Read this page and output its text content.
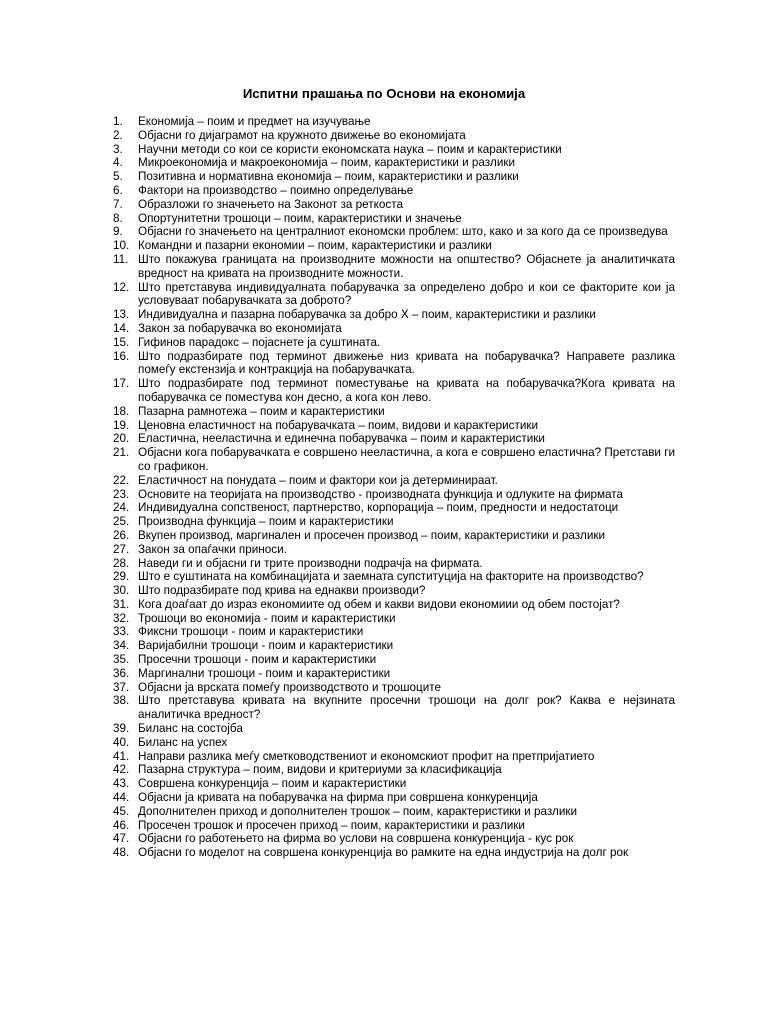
Испитни прашања по Основи на економија
1.	Економија – поим и предмет на изучување
2.	Објасни го дијаграмот на кружното движење во економијата
3.	Научни методи со кои се користи економската наука – поим и карактеристики
4.	Микроекономија и макроекономија – поим, карактеристики и разлики
5.	Позитивна и нормативна економија – поим, карактеристики и разлики
6.	Фактори на производство – поимно определување
7.	Образложи го значењето на Законот за реткоста
8.	Опортунитетни трошоци – поим, карактеристики и значење
9.	Објасни го значењето на централниот економски проблем: што, како и за кого да се произведува
10. Командни и пазарни економии – поим, карактеристики и разлики
11. Што покажува границата на производните можности на општество? Објаснете ја аналитичката вредност на кривата на производните можности.
12. Што претставува индивидуалната побарувачка за определено добро и кои се факторите кои ја условуваат побарувачката за доброто?
13. Индивидуална и пазарна побарувачка за добро X – поим, карактеристики и разлики
14. Закон за побарувачка во економијата
15. Гифинов парадокс – појаснете ја суштината.
16. Што подразбирате под терминот движење низ кривата на побарувачка? Направете разлика помеѓу екстензија и контракција на побарувачката.
17. Што подразбирате под терминот поместување на кривата на побарувачка?Кога кривата на побарувачка се поместува кон десно, а кога кон лево.
18. Пазарна рамнотежа – поим и карактеристики
19. Ценовна еластичност на побарувачката – поим, видови и карактеристики
20. Еластична, нееластична и единечна побарувачка – поим и карактеристики
21. Објасни кога побарувачката е совршено нееластична, а кога е совршено еластична? Претстави ги со графикон.
22. Еластичност на понудата – поим и фактори кои ја детерминираат.
23. Основите на теоријата на производство - производната функција и одлуките на фирмата
24. Индивидуална сопственост, партнерство, корпорација – поим, предности и недостатоци
25. Производна функција – поим и карактеристики
26. Вкупен производ, маргинален и просечен производ – поим, карактеристики и разлики
27. Закон за опаѓачки приноси.
28. Наведи ги и објасни ги трите производни подрачја на фирмата.
29. Што е суштината на комбинацијата и заемната супституција на факторите на производство?
30. Што подразбирате под крива на еднакви производи?
31. Кога доаѓаат до израз економиите од обем и какви видови економиии од обем постојат?
32. Трошоци во економија - поим и карактеристики
33. Фиксни трошоци - поим и карактеристики
34. Варијабилни трошоци - поим и карактеристики
35. Просечни трошоци - поим и карактеристики
36. Маргинални трошоци - поим и карактеристики
37. Објасни ја врската помеѓу производството и трошоците
38. Што претставува кривата на вкупните просечни трошоци на долг рок? Каква е нејзината аналитичка вредност?
39. Биланс на состојба
40. Биланс на успех
41. Направи разлика меѓу сметководствениот и економскиот профит на претпријатието
42. Пазарна структура – поим, видови и критериуми за класификација
43. Совршена конкуренција – поим и карактеристики
44. Објасни ја кривата на побарувачка на фирма при совршена конкуренција
45. Дополнителен приход и дополнителен трошок – поим, карактеристики и разлики
46. Просечен трошок и просечен приход – поим, карактеристики и разлики
47. Објасни го работењето на фирма во услови на совршена конкуренција - кус рок
48. Објасни го моделот на совршена конкуренција во рамките на една индустрија на долг рок
